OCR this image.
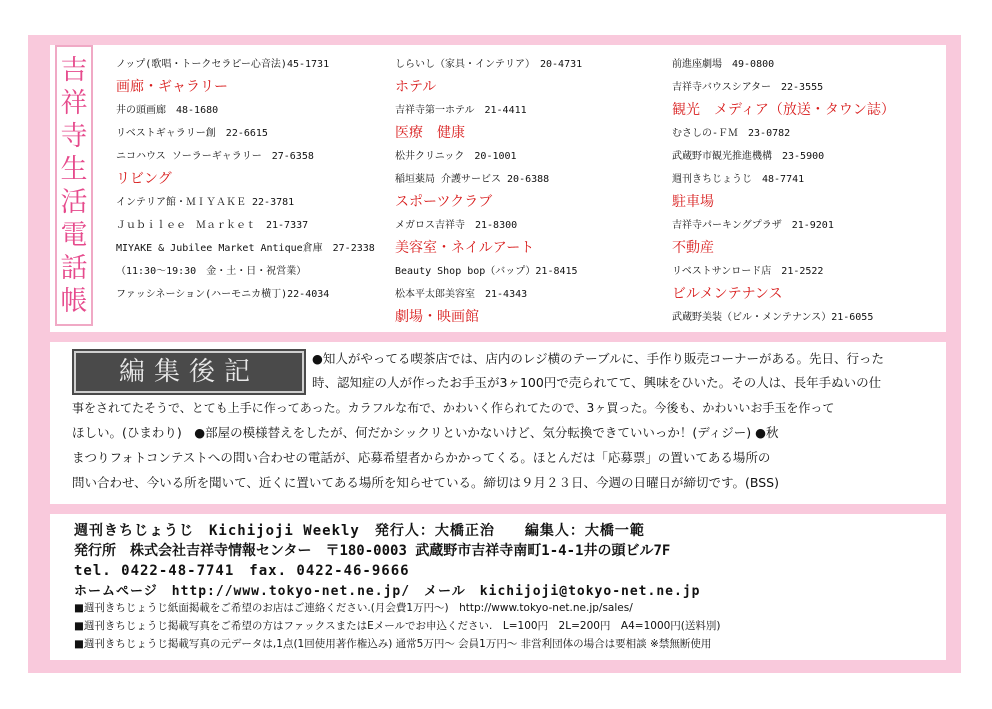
吉
祥
寺
生
活
電
話
帳
ノップ(歌唱・トークセラピー心音法)45-1731
画廊・ギャラリー
井の頭画廊　48-1680
リベストギャラリー創　22-6615
ニコハウス ソーラーギャラリー　27-6358
リビング
インテリア館・ＭＩＹＡＫＥ 22-3781
Ｊｕｂｉｌｅｅ　Ｍａｒｋｅｔ　21-7337
MIYAKE & Jubilee Market Antique倉庫　27-2338
（11:30～19:30　金・土・日・祝営業）
ファッシネーション(ハーモニカ横丁)22-4034
しらいし（家具・インテリア）　20-4731
ホテル
吉祥寺第一ホテル　21-4411
医療　健康
松井クリニック　20-1001
稲垣薬局 介護サービス 20-6388
スポーツクラブ
メガロス吉祥寺　21-8300
美容室・ネイルアート
Beauty Shop bop（バップ）21-8415
松本平太郎美容室　21-4343
劇場・映画館
前進座劇場　49-0800
吉祥寺バウスシアター　22-3555
観光　メディア（放送・タウン誌）
むさしの-ＦＭ　23-0782
武蔵野市観光推進機構　23-5900
週刊きちじょうじ　48-7741
駐車場
吉祥寺パーキングプラザ　21-9201
不動産
リベストサンロード店　21-2522
ビルメンテナンス
武蔵野美装（ビル・メンテナンス）21-6055
編集後記	●知人がやってる喫茶店では、店内のレジ横のテーブルに、手作り販売コーナーがある。先日、行った
時、認知症の人が作ったお手玉が3ヶ100円で売られてて、興味をひいた。その人は、長年手ぬいの仕
事をされてたそうで、とても上手に作ってあった。カラフルな布で、かわいく作られてたので、3ヶ買った。今後も、かわいいお手玉を作って
ほしい。(ひまわり)　●部屋の模様替えをしたが、何だかシックリといかないけど、気分転換できていいっか！(ディジー) ●秋
まつりフォトコンテストへの問い合わせの電話が、応募希望者からかかってくる。ほとんだは「応募票」の置いてある場所の
問い合わせ、今いる所を聞いて、近くに置いてある場所を知らせている。締切は９月２３日、今週の日曜日が締切です。(BSS)
週刊きちじょうじ　Kichijoji Weekly　発行人：大橋正治　　編集人：大橋一範
発行所　株式会社吉祥寺情報センター　〒180-0003 武蔵野市吉祥寺南町1-4-1井の頭ビル7F
tel. 0422-48-7741　fax. 0422-46-9666
ホームページ　http://www.tokyo-net.ne.jp/　メール　kichijoji@tokyo-net.ne.jp
■週刊きちじょうじ紙面掲載をご希望のお店はご連絡ください.(月会費1万円～)　http://www.tokyo-net.ne.jp/sales/
■週刊きちじょうじ掲載写真をご希望の方はファックスまたはEメールでお申込ください.　L=100円　2L=200円　A4=1000円(送料別)
■週刊きちじょうじ掲載写真の元データは,1点(1回使用著作権込み) 通常5万円～ 会員1万円～ 非営利団体の場合は要相談 ※禁無断使用
